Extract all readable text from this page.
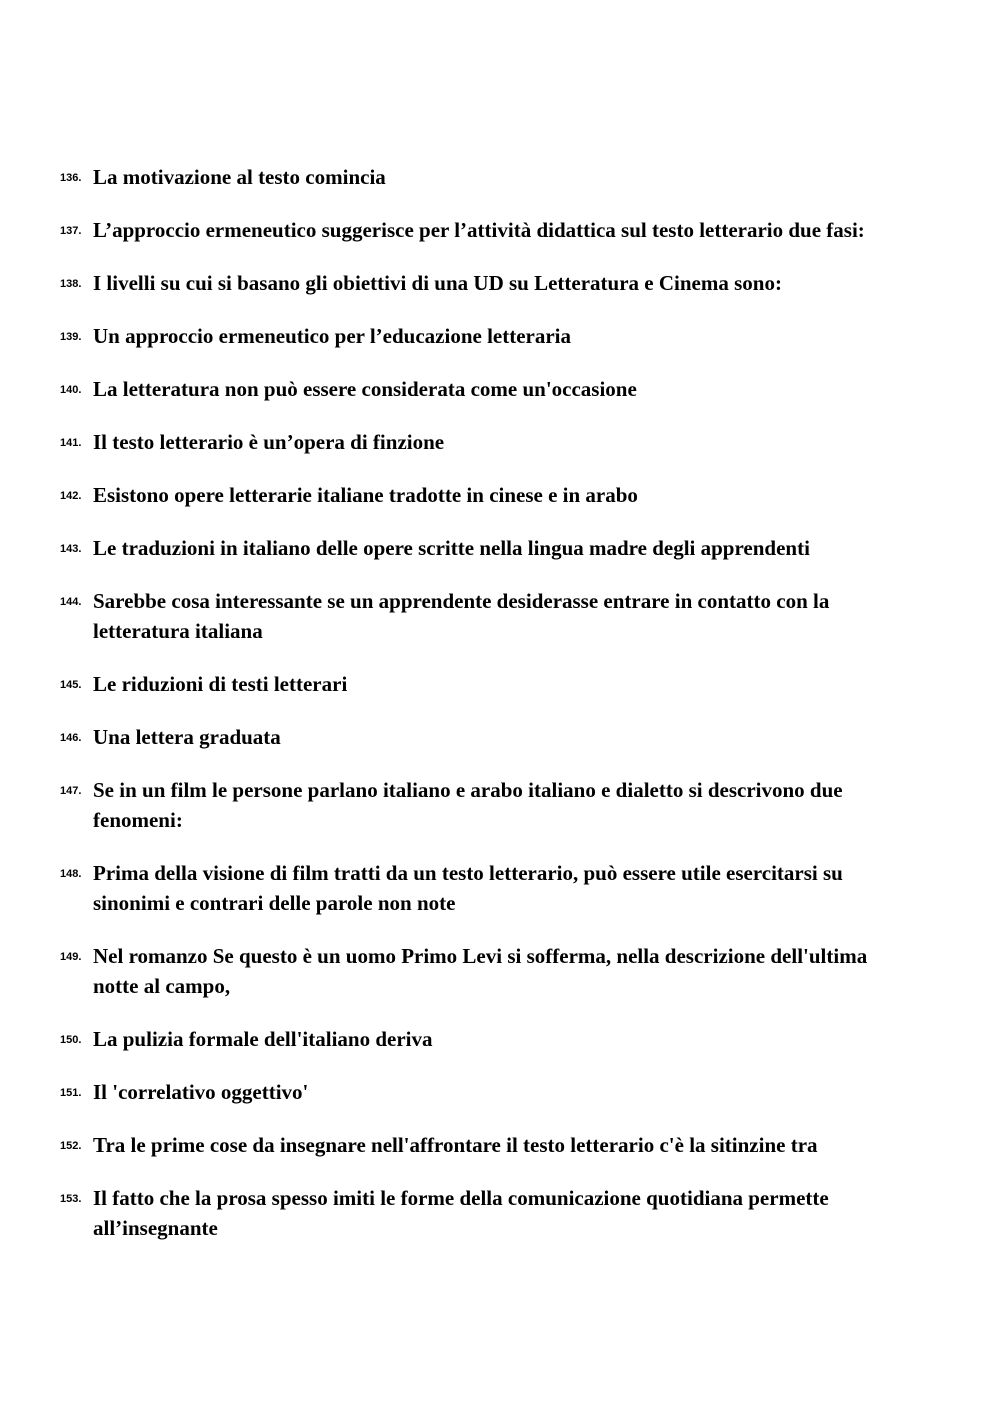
136. La motivazione al testo comincia
137. L’approccio ermeneutico suggerisce per l’attività didattica sul testo letterario due fasi:
138. I livelli su cui si basano gli obiettivi di una UD su Letteratura e Cinema sono:
139. Un approccio ermeneutico per l’educazione letteraria
140. La letteratura non può essere considerata come un'occasione
141. Il testo letterario è un’opera di finzione
142. Esistono opere letterarie italiane tradotte in cinese e in arabo
143. Le traduzioni in italiano delle opere scritte nella lingua madre degli apprendenti
144. Sarebbe cosa interessante se un apprendente desiderasse entrare in contatto con la letteratura italiana
145. Le riduzioni di testi letterari
146. Una lettera graduata
147. Se in un film le persone parlano italiano e arabo italiano e dialetto si descrivono due fenomeni:
148. Prima della visione di film tratti da un testo letterario, può essere utile esercitarsi su sinonimi e contrari delle parole non note
149. Nel romanzo Se questo è un uomo Primo Levi si sofferma, nella descrizione dell'ultima notte al campo,
150. La pulizia formale dell'italiano deriva
151. Il 'correlativo oggettivo'
152. Tra le prime cose da insegnare nell'affrontare il testo letterario c'è la sitinzine tra
153. Il fatto che la prosa spesso imiti le forme della comunicazione quotidiana permette all’insegnante
